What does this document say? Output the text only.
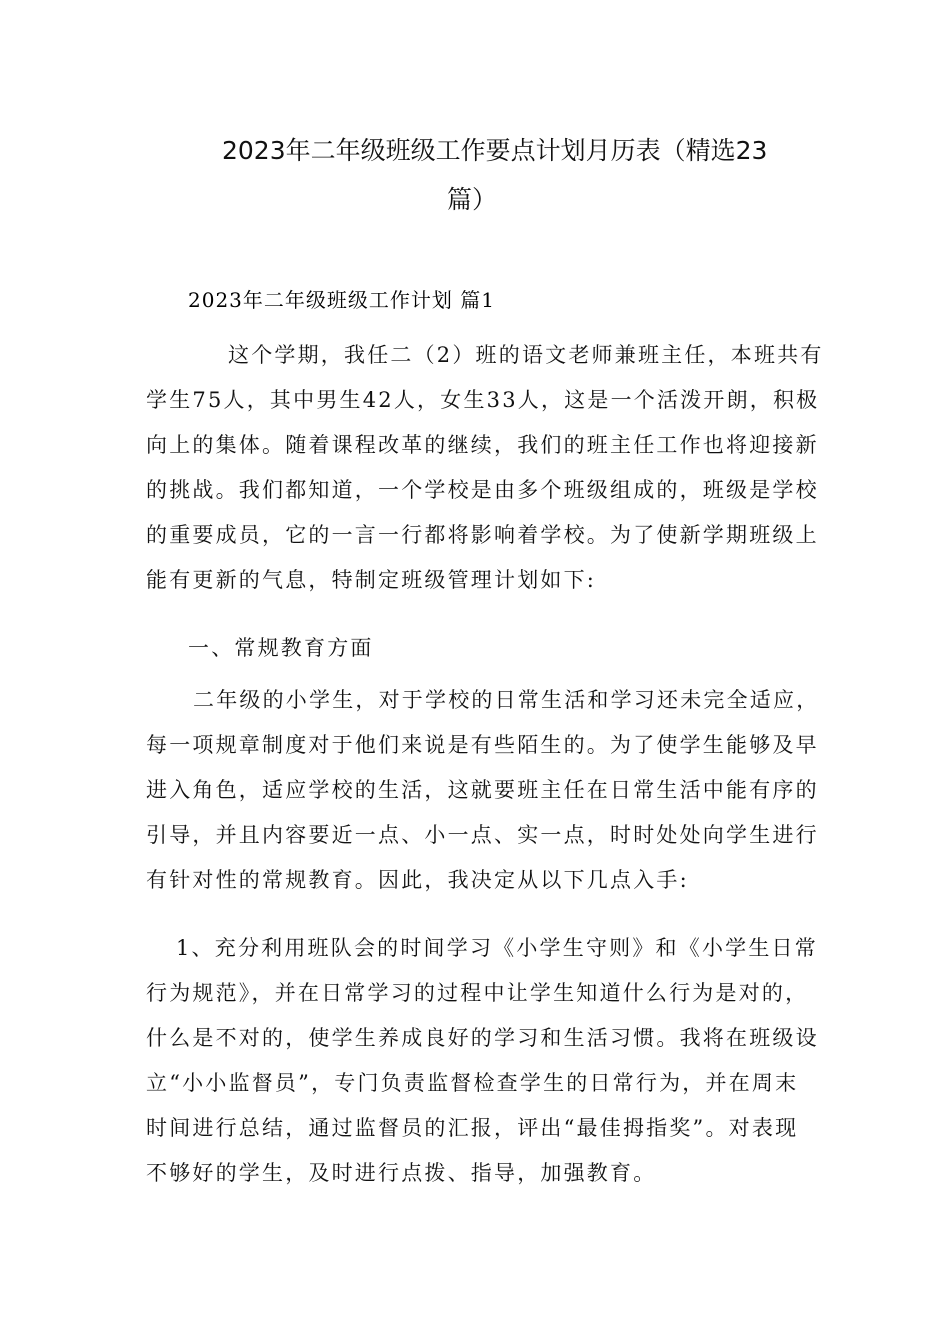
2023年二年级班级工作要点计划月历表（精选23
篇）
2023年二年级班级工作计划 篇1
这个学期，我任二（2）班的语文老师兼班主任，本班共有
学生75人，其中男生42人，女生33人，这是一个活泼开朗，积极
向上的集体。随着课程改革的继续，我们的班主任工作也将迎接新
的挑战。我们都知道，一个学校是由多个班级组成的，班级是学校
的重要成员，它的一言一行都将影响着学校。为了使新学期班级上
能有更新的气息，特制定班级管理计划如下:
一、常规教育方面
二年级的小学生，对于学校的日常生活和学习还未完全适应，
每一项规章制度对于他们来说是有些陌生的。为了使学生能够及早
进入角色，适应学校的生活，这就要班主任在日常生活中能有序的
引导，并且内容要近一点、小一点、实一点，时时处处向学生进行
有针对性的常规教育。因此，我决定从以下几点入手:
1、充分利用班队会的时间学习《小学生守则》和《小学生日常
行为规范》，并在日常学习的过程中让学生知道什么行为是对的，
什么是不对的，使学生养成良好的学习和生活习惯。我将在班级设
立“小小监督员”，专门负责监督检查学生的日常行为，并在周末
时间进行总结，通过监督员的汇报，评出“最佳拇指奖”。对表现
不够好的学生，及时进行点拨、指导，加强教育。
